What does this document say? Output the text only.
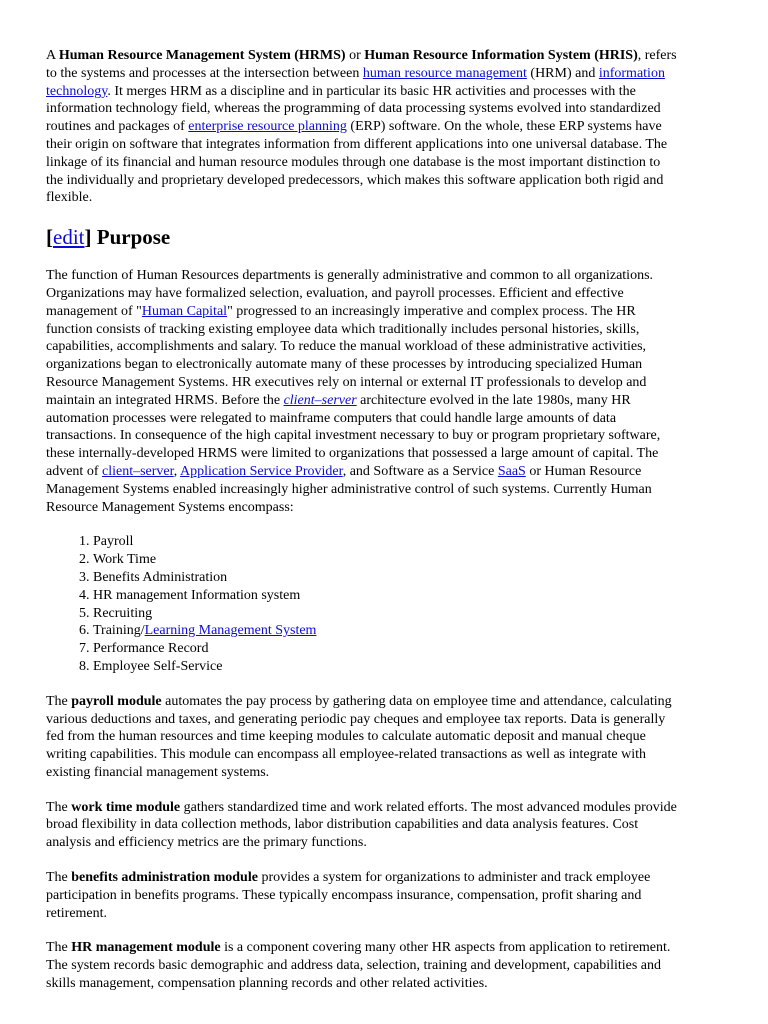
A Human Resource Management System (HRMS) or Human Resource Information System (HRIS), refers to the systems and processes at the intersection between human resource management (HRM) and information technology. It merges HRM as a discipline and in particular its basic HR activities and processes with the information technology field, whereas the programming of data processing systems evolved into standardized routines and packages of enterprise resource planning (ERP) software. On the whole, these ERP systems have their origin on software that integrates information from different applications into one universal database. The linkage of its financial and human resource modules through one database is the most important distinction to the individually and proprietary developed predecessors, which makes this software application both rigid and flexible.

[edit] Purpose

The function of Human Resources departments is generally administrative and common to all organizations. Organizations may have formalized selection, evaluation, and payroll processes. Efficient and effective management of "Human Capital" progressed to an increasingly imperative and complex process. The HR function consists of tracking existing employee data which traditionally includes personal histories, skills, capabilities, accomplishments and salary. To reduce the manual workload of these administrative activities, organizations began to electronically automate many of these processes by introducing specialized Human Resource Management Systems. HR executives rely on internal or external IT professionals to develop and maintain an integrated HRMS. Before the client–server architecture evolved in the late 1980s, many HR automation processes were relegated to mainframe computers that could handle large amounts of data transactions. In consequence of the high capital investment necessary to buy or program proprietary software, these internally-developed HRMS were limited to organizations that possessed a large amount of capital. The advent of client–server, Application Service Provider, and Software as a Service SaaS or Human Resource Management Systems enabled increasingly higher administrative control of such systems. Currently Human Resource Management Systems encompass:

1. Payroll
2. Work Time
3. Benefits Administration
4. HR management Information system
5. Recruiting
6. Training/Learning Management System
7. Performance Record
8. Employee Self-Service

The payroll module automates the pay process by gathering data on employee time and attendance, calculating various deductions and taxes, and generating periodic pay cheques and employee tax reports. Data is generally fed from the human resources and time keeping modules to calculate automatic deposit and manual cheque writing capabilities. This module can encompass all employee-related transactions as well as integrate with existing financial management systems.

The work time module gathers standardized time and work related efforts. The most advanced modules provide broad flexibility in data collection methods, labor distribution capabilities and data analysis features. Cost analysis and efficiency metrics are the primary functions.

The benefits administration module provides a system for organizations to administer and track employee participation in benefits programs. These typically encompass insurance, compensation, profit sharing and retirement.

The HR management module is a component covering many other HR aspects from application to retirement. The system records basic demographic and address data, selection, training and development, capabilities and skills management, compensation planning records and other related activities.
